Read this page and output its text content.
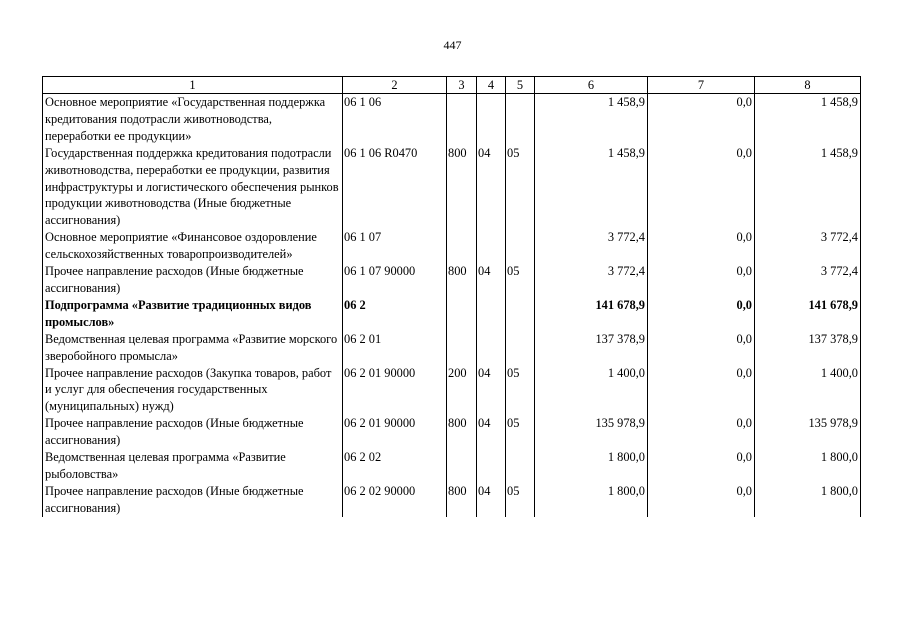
447
1	2	3	4	5	6	7	8
Основное мероприятие «Государственная поддержка кредитования подотрасли животноводства, переработки ее продукции»	06 1 06				1 458,9	0,0	1 458,9
Государственная поддержка кредитования подотрасли животноводства, переработки ее продукции, развития инфраструктуры и логистического обеспечения рынков продукции животноводства (Иные бюджетные ассигнования)	06 1 06 R0470	800	04	05	1 458,9	0,0	1 458,9
Основное мероприятие «Финансовое оздоровление сельскохозяйственных товаропроизводителей»	06 1 07				3 772,4	0,0	3 772,4
Прочее направление расходов (Иные бюджетные ассигнования)	06 1 07 90000	800	04	05	3 772,4	0,0	3 772,4
Подпрограмма «Развитие традиционных видов промыслов»	06 2				141 678,9	0,0	141 678,9
Ведомственная целевая программа «Развитие морского зверобойного промысла»	06 2 01				137 378,9	0,0	137 378,9
Прочее направление расходов (Закупка товаров, работ и услуг для обеспечения государственных (муниципальных) нужд)	06 2 01 90000	200	04	05	1 400,0	0,0	1 400,0
Прочее направление расходов (Иные бюджетные ассигнования)	06 2 01 90000	800	04	05	135 978,9	0,0	135 978,9
Ведомственная целевая программа «Развитие рыболовства»	06 2 02				1 800,0	0,0	1 800,0
Прочее направление расходов (Иные бюджетные ассигнования)	06 2 02 90000	800	04	05	1 800,0	0,0	1 800,0
